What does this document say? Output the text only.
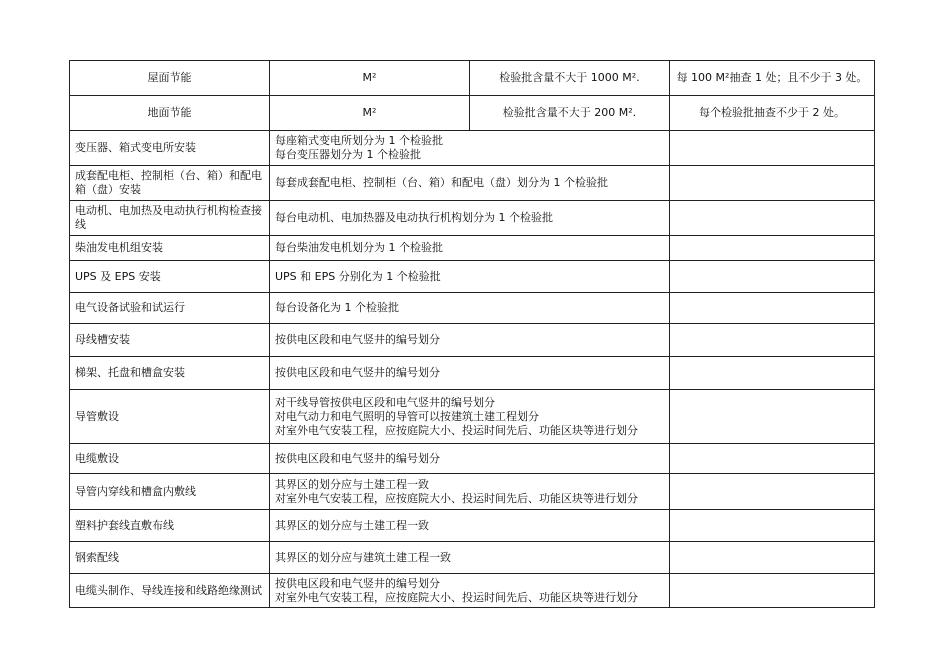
屋面节能	M²	检验批含量不大于 1000 M².	每 100 M²抽查 1 处；且不少于 3 处。
地面节能	M²	检验批含量不大于 200 M².	每个检验批抽查不少于 2 处。
变压器、箱式变电所安装	每座箱式变电所划分为 1 个检验批
每台变压器划分为 1 个检验批		

成套配电柜、控制柜（台、箱）和配电箱（盘）安装	每套成套配电柜、控制柜（台、箱）和配电（盘）划分为 1 个检验批		

电动机、电加热及电动执行机构检查接线	每台电动机、电加热器及电动执行机构划分为 1 个检验批		

柴油发电机组安装	每台柴油发电机划分为 1 个检验批		

UPS 及 EPS 安装	UPS 和 EPS 分别化为 1 个检验批		

电气设备试验和试运行	每台设备化为 1 个检验批		

母线槽安装	按供电区段和电气竖井的编号划分		

梯架、托盘和槽盒安装	按供电区段和电气竖井的编号划分		

导管敷设	对干线导管按供电区段和电气竖井的编号划分
对电气动力和电气照明的导管可以按建筑土建工程划分
对室外电气安装工程，应按庭院大小、投运时间先后、功能区块等进行划分		

电缆敷设	按供电区段和电气竖井的编号划分		

导管内穿线和槽盒内敷线	其界区的划分应与土建工程一致
对室外电气安装工程，应按庭院大小、投运时间先后、功能区块等进行划分		

塑料护套线直敷布线	其界区的划分应与土建工程一致		

钢索配线	其界区的划分应与建筑土建工程一致		

电缆头制作、导线连接和线路绝缘测试	按供电区段和电气竖井的编号划分
对室外电气安装工程，应按庭院大小、投运时间先后、功能区块等进行划分		
